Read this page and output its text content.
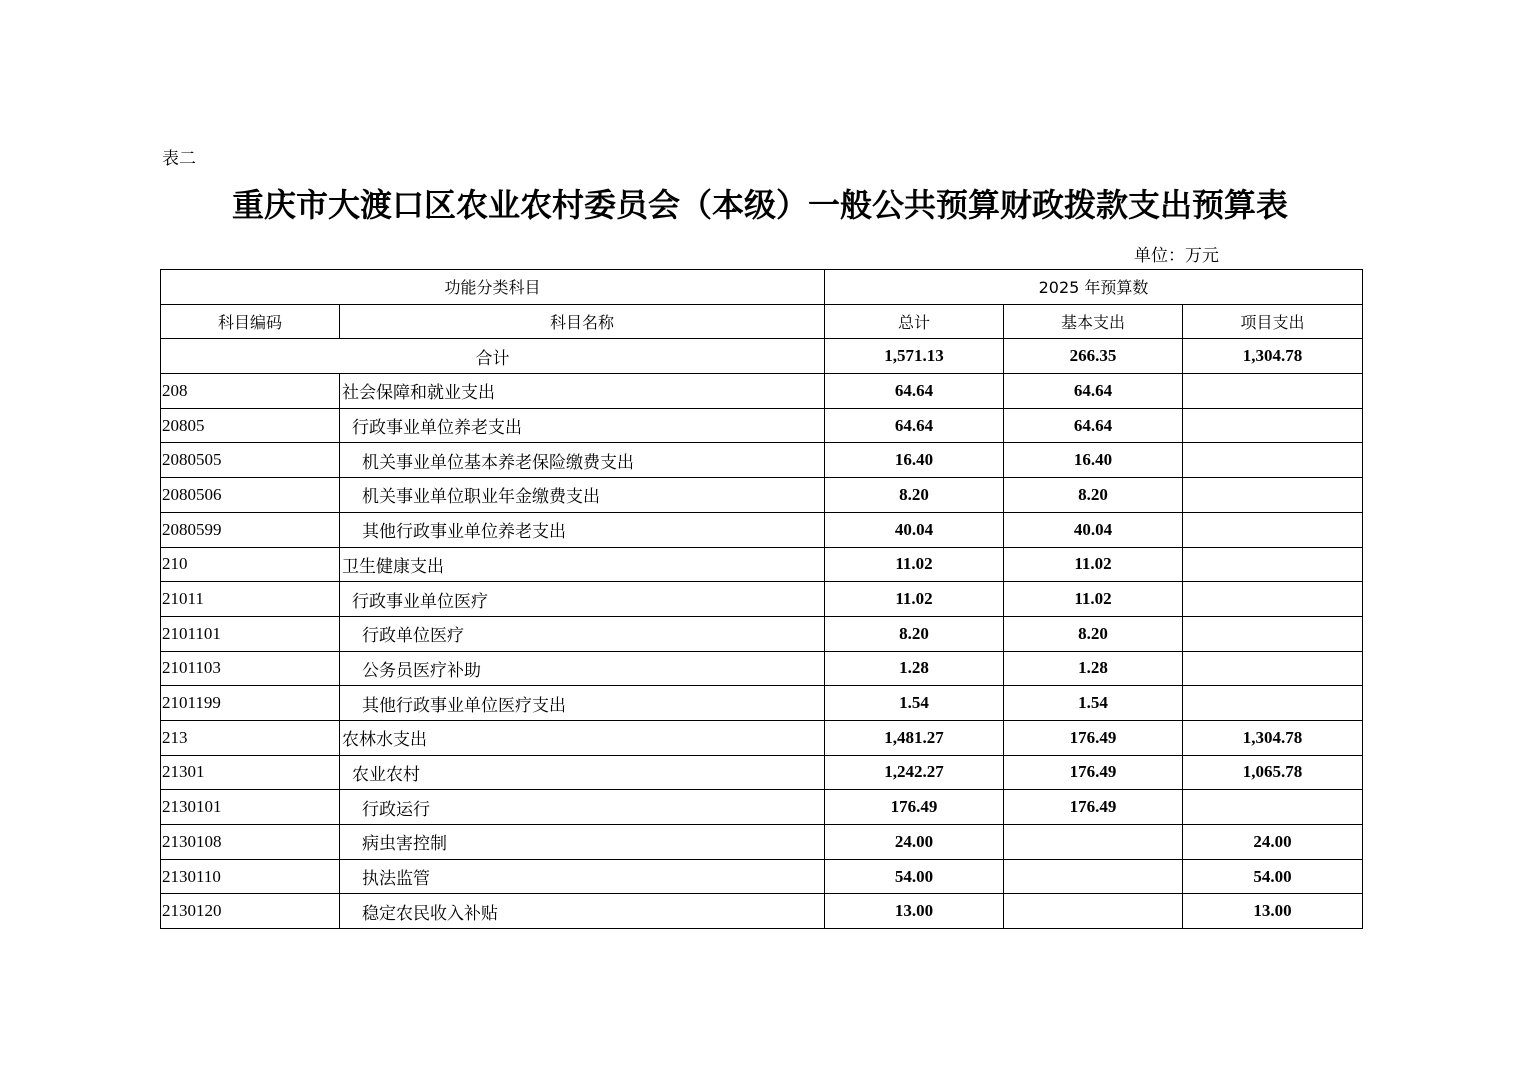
表二
重庆市大渡口区农业农村委员会（本级）一般公共预算财政拨款支出预算表
单位：万元
功能分类科目		2025 年预算数		
科目编码	科目名称	总计	基本支出	项目支出
合计		1,571.13	266.35	1,304.78
208	社会保障和就业支出	64.64	64.64	
20805	行政事业单位养老支出	64.64	64.64	
2080505	机关事业单位基本养老保险缴费支出	16.40	16.40	
2080506	机关事业单位职业年金缴费支出	8.20	8.20	
2080599	其他行政事业单位养老支出	40.04	40.04	
210	卫生健康支出	11.02	11.02	
21011	行政事业单位医疗	11.02	11.02	
2101101	行政单位医疗	8.20	8.20	
2101103	公务员医疗补助	1.28	1.28	
2101199	其他行政事业单位医疗支出	1.54	1.54	
213	农林水支出	1,481.27	176.49	1,304.78
21301	农业农村	1,242.27	176.49	1,065.78
2130101	行政运行	176.49	176.49	
2130108	病虫害控制	24.00		24.00
2130110	执法监管	54.00		54.00
2130120	稳定农民收入补贴	13.00		13.00
